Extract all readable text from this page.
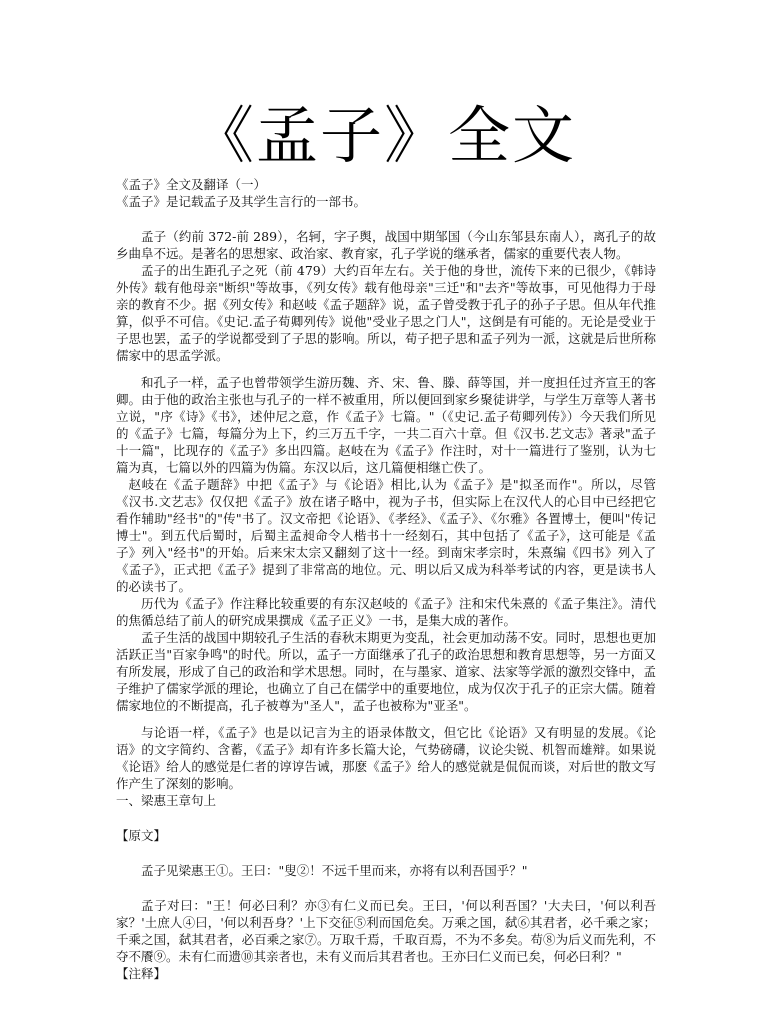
《孟子》全文

《孟子》全文及翻译（一）

《孟子》是记载孟子及其学生言行的一部书。

孟子（约前 372-前 289），名轲，字子舆，战国中期邹国（今山东邹县东南人），离孔子的故乡曲阜不远。是著名的思想家、政治家、教育家，孔子学说的继承者，儒家的重要代表人物。

孟子的出生距孔子之死（前 479）大约百年左右。关于他的身世，流传下来的已很少，《韩诗外传》载有他母亲"断织"等故事，《列女传》载有他母亲"三迁"和"去齐"等故事，可见他得力于母亲的教育不少。据《列女传》和赵岐《孟子题辞》说，孟子曾受教于孔子的孙子子思。但从年代推算，似乎不可信。《史记.孟子荀卿列传》说他"受业子思之门人"，这倒是有可能的。无论是受业于子思也罢，孟子的学说都受到了子思的影响。所以，荀子把子思和孟子列为一派，这就是后世所称儒家中的思孟学派。

和孔子一样，孟子也曾带领学生游历魏、齐、宋、鲁、滕、薛等国，并一度担任过齐宣王的客卿。由于他的政治主张也与孔子的一样不被重用，所以便回到家乡聚徒讲学，与学生万章等人著书立说，"序《诗》《书》，述仲尼之意，作《孟子》七篇。"（《史记.孟子荀卿列传》）今天我们所见的《孟子》七篇，每篇分为上下，约三万五千字，一共二百六十章。但《汉书.艺文志》著录"孟子十一篇"，比现存的《孟子》多出四篇。赵岐在为《孟子》作注时，对十一篇进行了鉴别，认为七篇为真，七篇以外的四篇为伪篇。东汉以后，这几篇便相继亡佚了。

赵岐在《孟子题辞》中把《孟子》与《论语》相比,认为《孟子》是"拟圣而作"。所以，尽管《汉书.文艺志》仅仅把《孟子》放在诸子略中，视为子书，但实际上在汉代人的心目中已经把它看作辅助"经书"的"传"书了。汉文帝把《论语》、《孝经》、《孟子》、《尔雅》各置博士，便叫"传记博士"。到五代后蜀时，后蜀主孟昶命令人楷书十一经刻石，其中包括了《孟子》，这可能是《孟子》列入"经书"的开始。后来宋太宗又翻刻了这十一经。到南宋孝宗时，朱熹编《四书》列入了《孟子》，正式把《孟子》提到了非常高的地位。元、明以后又成为科举考试的内容，更是读书人的必读书了。

历代为《孟子》作注释比较重要的有东汉赵岐的《孟子》注和宋代朱熹的《孟子集注》。清代的焦循总结了前人的研究成果撰成《孟子正义》一书，是集大成的著作。

孟子生活的战国中期较孔子生活的春秋末期更为变乱，社会更加动荡不安。同时，思想也更加活跃正当"百家争鸣"的时代。所以，孟子一方面继承了孔子的政治思想和教育思想等，另一方面又有所发展，形成了自己的政治和学术思想。同时，在与墨家、道家、法家等学派的激烈交锋中，孟子维护了儒家学派的理论，也确立了自己在儒学中的重要地位，成为仅次于孔子的正宗大儒。随着儒家地位的不断提高，孔子被尊为"圣人"，孟子也被称为"亚圣"。

与论语一样，《孟子》也是以记言为主的语录体散文，但它比《论语》又有明显的发展。《论语》的文字简约、含蓄，《孟子》却有许多长篇大论，气势磅礴，议论尖锐、机智而雄辩。如果说《论语》给人的感觉是仁者的谆谆告诫，那麽《孟子》给人的感觉就是侃侃而谈，对后世的散文写作产生了深刻的影响。

一、梁惠王章句上

【原文】

孟子见梁惠王①。王曰："叟②！不远千里而来，亦将有以利吾国乎？"

孟子对曰："王！何必曰利？亦③有仁义而已矣。王曰，'何以利吾国？'大夫曰，'何以利吾家？'土庶人④曰，'何以利吾身？'上下交征⑤利而国危矣。万乘之国，弑⑥其君者，必千乘之家；千乘之国，弑其君者，必百乘之家⑦。万取千焉，千取百焉，不为不多矣。苟⑧为后义而先利，不夺不餍⑨。未有仁而遗⑩其亲者也，未有义而后其君者也。王亦曰仁义而已矣，何必曰利？"

【注释】
